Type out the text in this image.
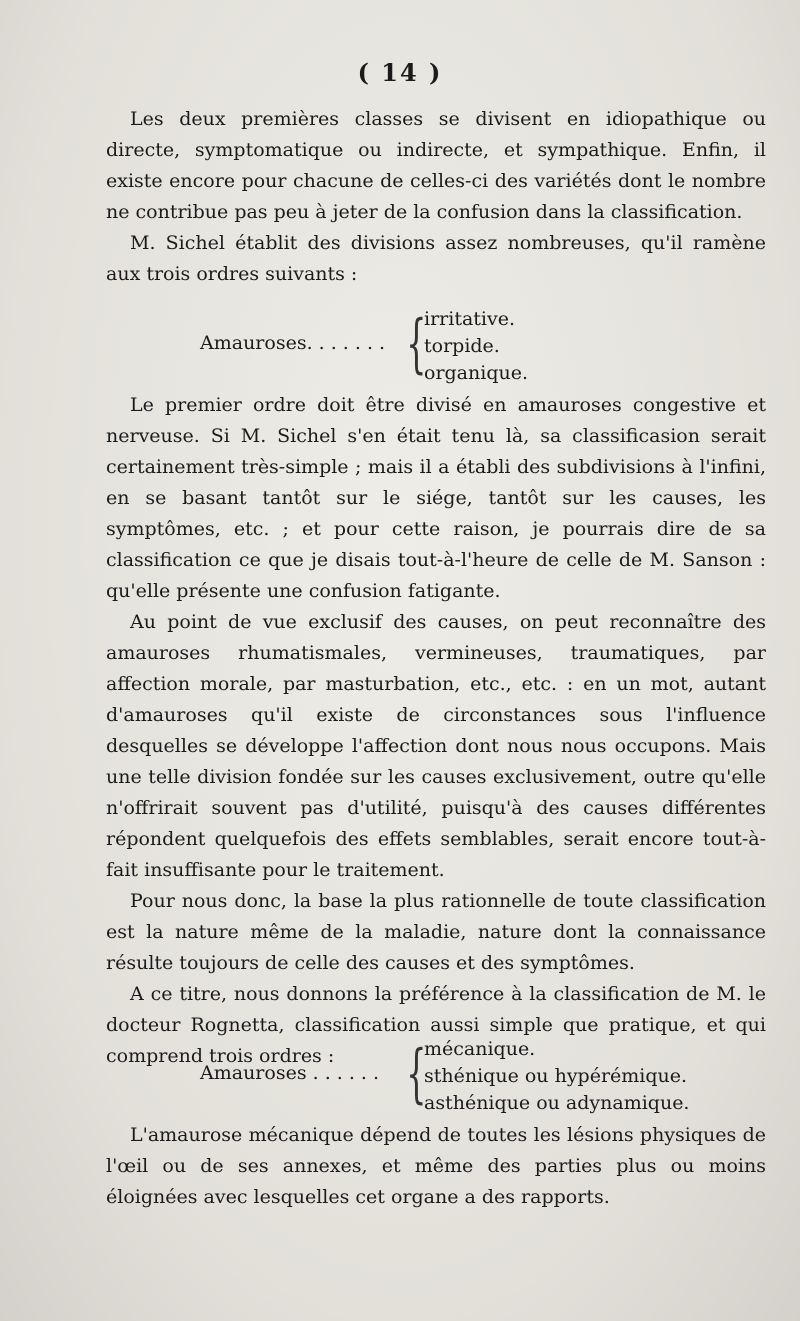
( 14 )

Les deux premières classes se divisent en idiopathique ou directe, symptomatique ou indirecte, et sympathique. Enfin, il existe encore pour chacune de celles-ci des variétés dont le nombre ne contribue pas peu à jeter de la confusion dans la classification.

M. Sichel établit des divisions assez nombreuses, qu'il ramène aux trois ordres suivants :

Amauroses. . . . . . . {
irritative.
torpide.
organique.

Le premier ordre doit être divisé en amauroses congestive et nerveuse. Si M. Sichel s'en était tenu là, sa classificasion serait certainement très-simple ; mais il a établi des subdivisions à l'infini, en se basant tantôt sur le siége, tantôt sur les causes, les symptômes, etc. ; et pour cette raison, je pourrais dire de sa classification ce que je disais tout-à-l'heure de celle de M. Sanson : qu'elle présente une confusion fatigante.

Au point de vue exclusif des causes, on peut reconnaître des amauroses rhumatismales, vermineuses, traumatiques, par affection morale, par masturbation, etc., etc. : en un mot, autant d'amauroses qu'il existe de circonstances sous l'influence desquelles se développe l'affection dont nous nous occupons. Mais une telle division fondée sur les causes exclusivement, outre qu'elle n'offrirait souvent pas d'utilité, puisqu'à des causes différentes répondent quelquefois des effets semblables, serait encore tout-à-fait insuffisante pour le traitement.

Pour nous donc, la base la plus rationnelle de toute classification est la nature même de la maladie, nature dont la connaissance résulte toujours de celle des causes et des symptômes.

A ce titre, nous donnons la préférence à la classification de M. le docteur Rognetta, classification aussi simple que pratique, et qui comprend trois ordres :

Amauroses . . . . . . {
mécanique.
sthénique ou hypérémique.
asthénique ou adynamique.

L'amaurose mécanique dépend de toutes les lésions physiques de l'œil ou de ses annexes, et même des parties plus ou moins éloignées avec lesquelles cet organe a des rapports.
